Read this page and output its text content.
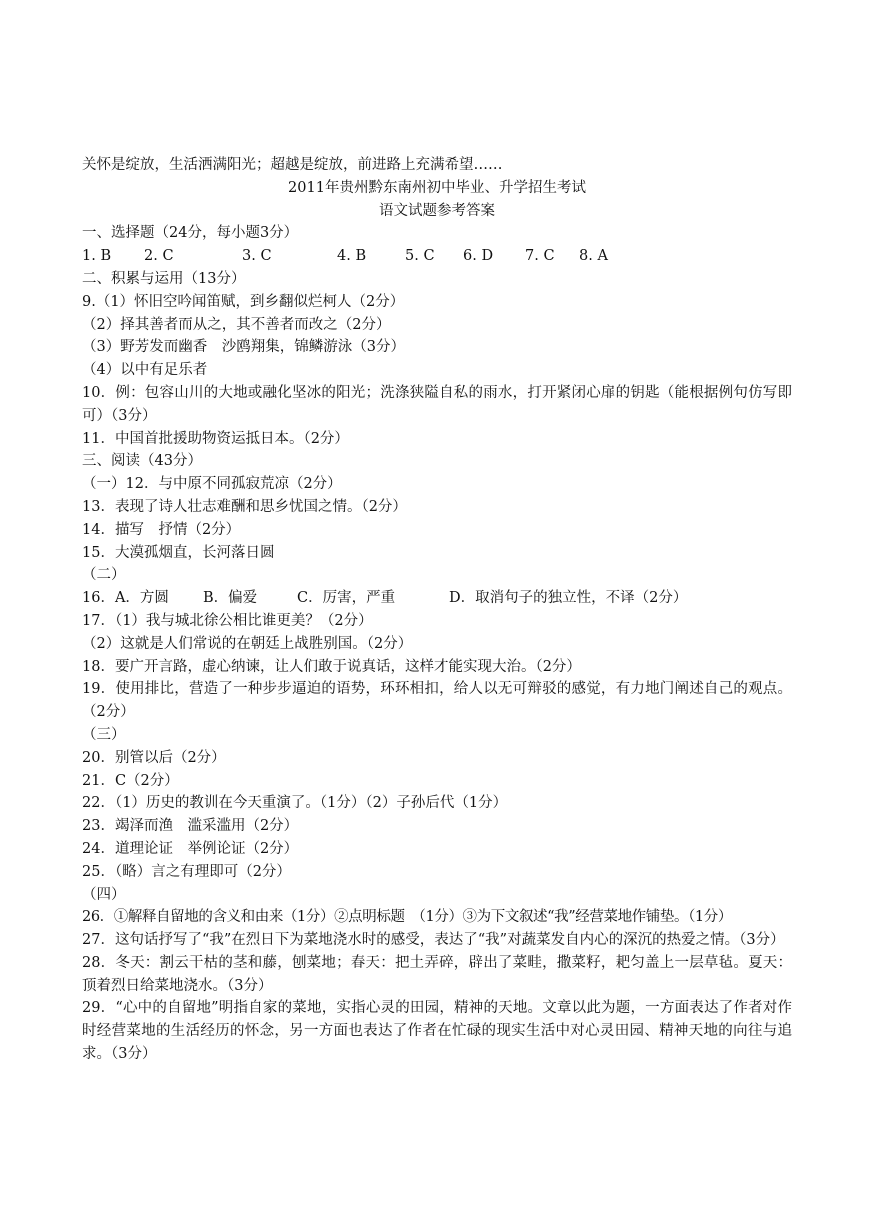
关怀是绽放，生活洒满阳光；超越是绽放，前进路上充满希望……
2011年贵州黔东南州初中毕业、升学招生考试
语文试题参考答案
一、选择题（24分，每小题3分）
1. B	2. C	3. C	4. B	5. C	6. D	7. C	8. A
二、积累与运用（13分）
9.（1）怀旧空吟闻笛赋，到乡翻似烂柯人（2分）
（2）择其善者而从之，其不善者而改之（2分）
（3）野芳发而幽香　沙鸥翔集，锦鳞游泳（3分）
（4）以中有足乐者
10．例：包容山川的大地或融化坚冰的阳光；洗涤狭隘自私的雨水，打开紧闭心扉的钥匙（能根据例句仿写即可）（3分）
11．中国首批援助物资运抵日本。（2分）
三、阅读（43分）
（一）12．与中原不同孤寂荒凉（2分）
13．表现了诗人壮志难酬和思乡忧国之情。（2分）
14．描写　抒情（2分）
15．大漠孤烟直，长河落日圆
（二）
16．A．方圆	B．偏爱	C．厉害，严重	D．取消句子的独立性，不译（2分）
17．（1）我与城北徐公相比谁更美？（2分）
（2）这就是人们常说的在朝廷上战胜别国。（2分）
18．要广开言路，虚心纳谏，让人们敢于说真话，这样才能实现大治。（2分）
19．使用排比，营造了一种步步逼迫的语势，环环相扣，给人以无可辩驳的感觉，有力地门阐述自己的观点。（2分）
（三）
20．别管以后（2分）
21．C（2分）
22．（1）历史的教训在今天重演了。（1分）（2）子孙后代（1分）
23．竭泽而渔　滥采滥用（2分）
24．道理论证　举例论证（2分）
25．（略）言之有理即可（2分）
（四）
26．①解释自留地的含义和由来（1分）②点明标题　（1分）③为下文叙述“我”经营菜地作铺垫。（1分）
27．这句话抒写了“我”在烈日下为菜地浇水时的感受，表达了“我”对蔬菜发自内心的深沉的热爱之情。（3分）
28．冬天：割云干枯的茎和藤，刨菜地；春天：把土弄碎，辟出了菜畦，撒菜籽，耙匀盖上一层草毡。夏天：顶着烈日给菜地浇水。（3分）
29．“心中的自留地”明指自家的菜地，实指心灵的田园，精神的天地。文章以此为题，一方面表达了作者对作时经营菜地的生活经历的怀念，另一方面也表达了作者在忙碌的现实生活中对心灵田园、精神天地的向往与追求。（3分）
